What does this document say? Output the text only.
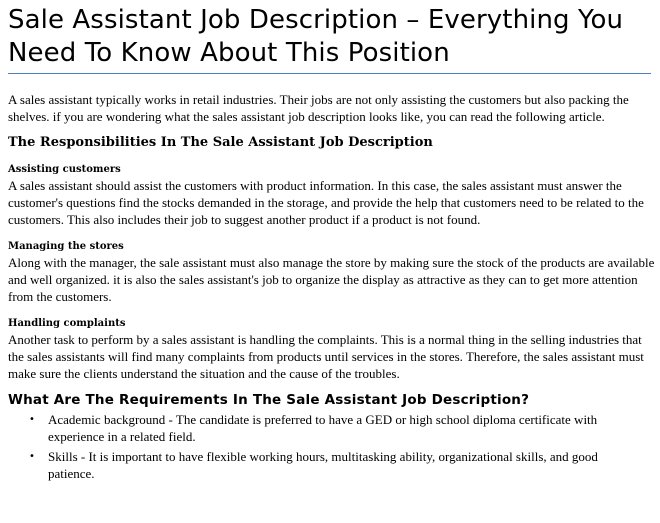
Sale Assistant Job Description – Everything You Need To Know About This Position

A sales assistant typically works in retail industries. Their jobs are not only assisting the customers but also packing the shelves. if you are wondering what the sales assistant job description looks like, you can read the following article.

The Responsibilities In The Sale Assistant Job Description
Assisting customers

A sales assistant should assist the customers with product information. In this case, the sales assistant must answer the customer's questions find the stocks demanded in the storage, and provide the help that customers need to be related to the customers. This also includes their job to suggest another product if a product is not found.

Managing the stores

Along with the manager, the sale assistant must also manage the store by making sure the stock of the products are available and well organized. it is also the sales assistant's job to organize the display as attractive as they can to get more attention from the customers.

Handling complaints

Another task to perform by a sales assistant is handling the complaints. This is a normal thing in the selling industries that the sales assistants will find many complaints from products until services in the stores. Therefore, the sales assistant must make sure the clients understand the situation and the cause of the troubles.

What Are The Requirements In The Sale Assistant Job Description?
• Academic background - The candidate is preferred to have a GED or high school diploma certificate with experience in a related field.
• Skills - It is important to have flexible working hours, multitasking ability, organizational skills, and good patience.
